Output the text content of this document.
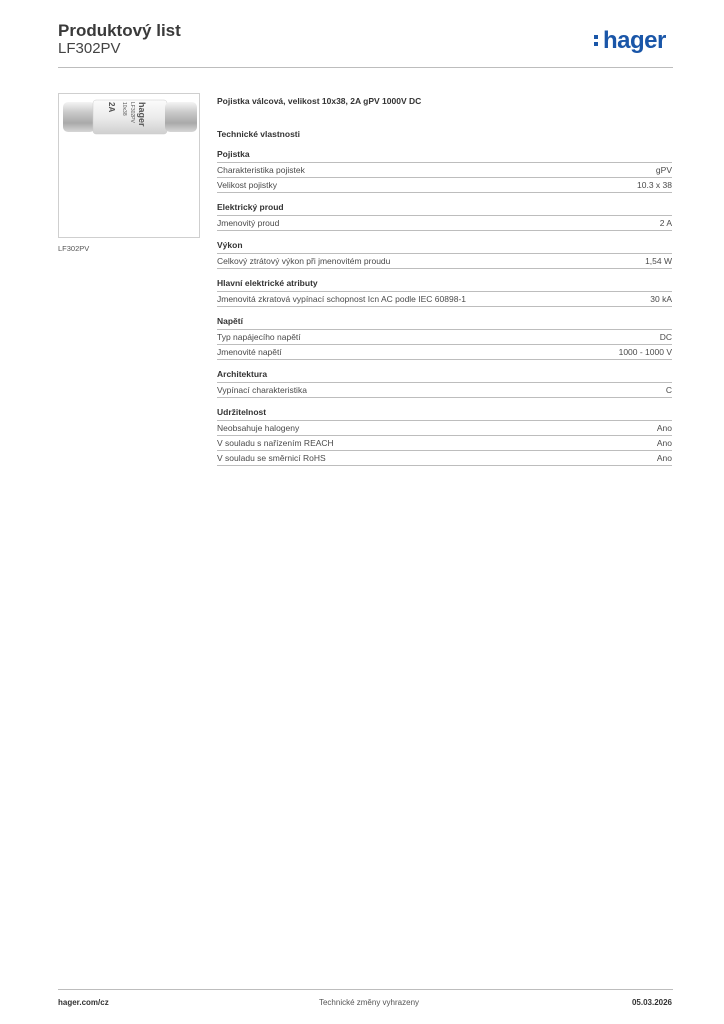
Produktový list
LF302PV	hager
hager
LF302PV
10x38
2A
LF302PV
Pojistka válcová, velikost 10x38, 2A gPV 1000V DC
Technické vlastnosti
Pojistka
Charakteristika pojistek	gPV
Velikost pojistky	10.3 x 38
Elektrický proud
Jmenovitý proud	2 A
Výkon
Celkový ztrátový výkon při jmenovitém proudu	1,54 W
Hlavní elektrické atributy
Jmenovitá zkratová vypínací schopnost Icn AC podle IEC 60898-1	30 kA
Napětí
Typ napájecího napětí	DC
Jmenovité napětí	1000 - 1000 V
Architektura
Vypínací charakteristika	C
Udržitelnost
Neobsahuje halogeny	Ano
V souladu s nařízením REACH	Ano
V souladu se směrnicí RoHS	Ano
hager.com/cz	Technické změny vyhrazeny	05.03.2026
